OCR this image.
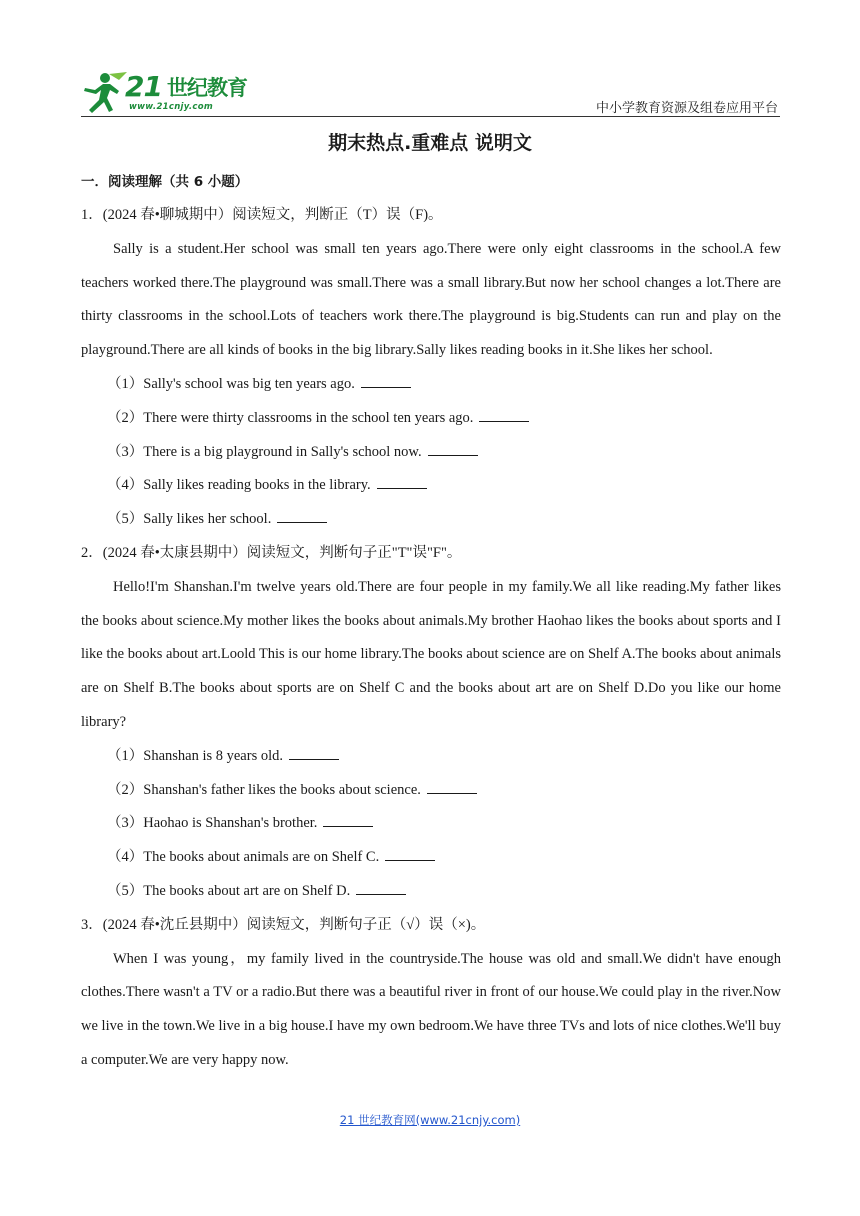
21 世纪教育
www.21cnjy.com	中小学教育资源及组卷应用平台
期末热点.重难点 说明文
一．阅读理解（共 6 小题）
1．(2024 春•聊城期中）阅读短文，判断正（T）误（F)。

Sally is a student.Her school was small ten years ago.There were only eight classrooms in the school.A few teachers worked there.The playground was small.There was a small library.But now her school changes a lot.There are thirty classrooms in the school.Lots of teachers work there.The playground is big.Students can run and play on the playground.There are all kinds of books in the big library.Sally likes reading books in it.She likes her school.

（1）Sally's school was big ten years ago.
（2）There were thirty classrooms in the school ten years ago.
（3）There is a big playground in Sally's school now.
（4）Sally likes reading books in the library.
（5）Sally likes her school.
2．(2024 春•太康县期中）阅读短文，判断句子正"T"误"F"。

Hello!I'm Shanshan.I'm twelve years old.There are four people in my family.We all like reading.My father likes the books about science.My mother likes the books about animals.My brother Haohao likes the books about sports and I like the books about art.Loold This is our home library.The books about science are on Shelf A.The books about animals are on Shelf B.The books about sports are on Shelf C and the books about art are on Shelf D.Do you like our home library?

（1）Shanshan is 8 years old.
（2）Shanshan's father likes the books about science.
（3）Haohao is Shanshan's brother.
（4）The books about animals are on Shelf C.
（5）The books about art are on Shelf D.
3．(2024 春•沈丘县期中）阅读短文，判断句子正（√）误（×)。

When I was young，my family lived in the countryside.The house was old and small.We didn't have enough clothes.There wasn't a TV or a radio.But there was a beautiful river in front of our house.We could play in the river.Now we live in the town.We live in a big house.I have my own bedroom.We have three TVs and lots of nice clothes.We'll buy a computer.We are very happy now.

21 世纪教育网(www.21cnjy.com)
